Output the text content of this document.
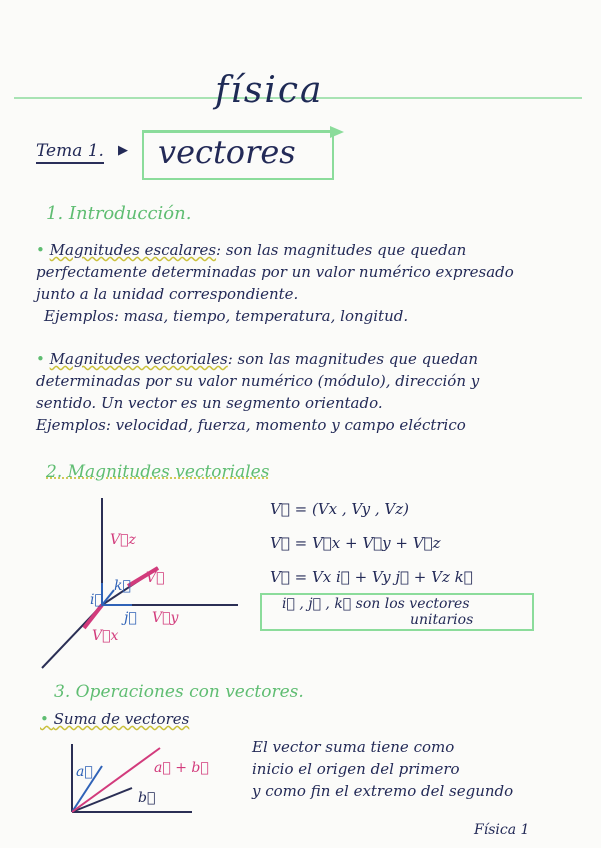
física
Tema 1. ▶ vectores
1. Introducción.
• Magnitudes escalares: son las magnitudes que quedan
perfectamente determinadas por un valor numérico expresado
junto a la unidad correspondiente.
Ejemplos: masa, tiempo, temperatura, longitud.
• Magnitudes vectoriales: son las magnitudes que quedan
determinadas por su valor numérico (módulo), dirección y
sentido. Un vector es un segmento orientado.
Ejemplos: velocidad, fuerza, momento y campo eléctrico
2. Magnitudes vectoriales
V⃗z
V⃗
V⃗y
V⃗x
i⃗
j⃗
k⃗
V⃗ = (Vx , Vy , Vz)
V⃗ = V⃗x + V⃗y + V⃗z
V⃗ = Vx i⃗ + Vy j⃗ + Vz k⃗
i⃗ , j⃗ , k⃗ son los vectores
unitarios
3. Operaciones con vectores.
• Suma de vectores
a⃗
b⃗
a⃗ + b⃗
El vector suma tiene como
inicio el origen del primero
y como fin el extremo del segundo
Física 1
